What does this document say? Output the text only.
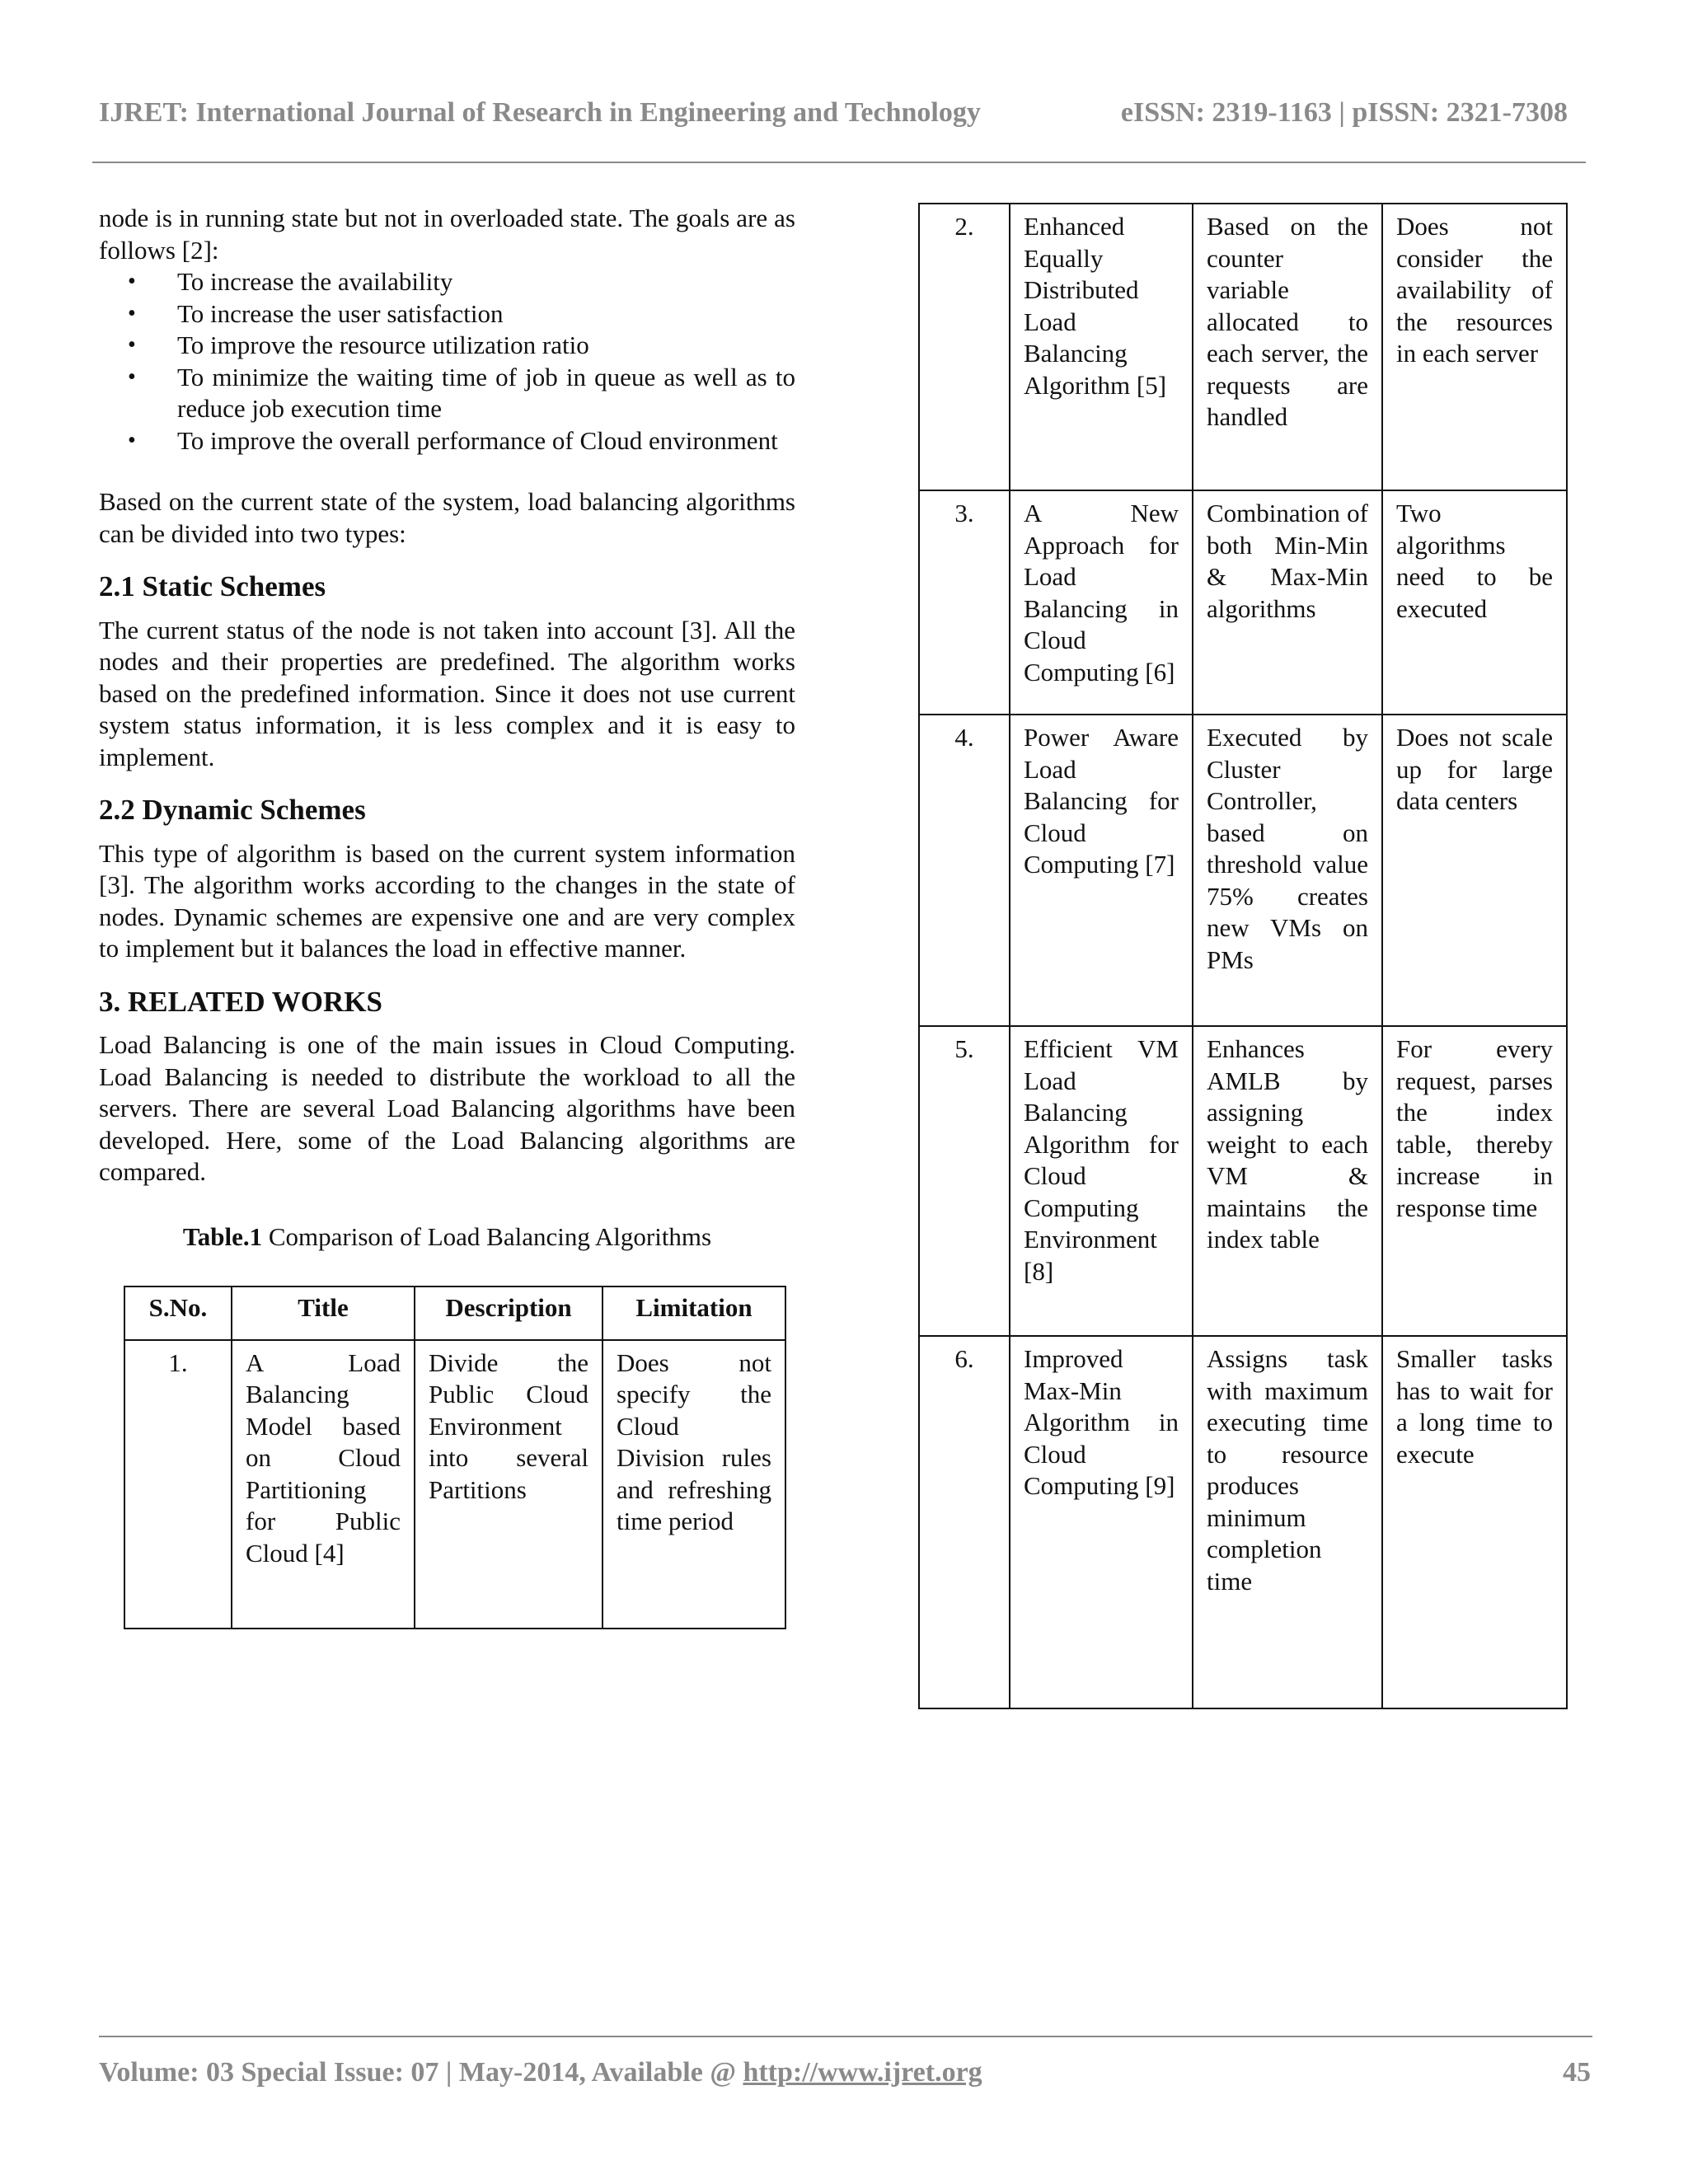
IJRET: International Journal of Research in Engineering and Technology	eISSN: 2319-1163 | pISSN: 2321-7308

node is in running state but not in overloaded state. The goals are as follows [2]:

• To increase the availability
• To increase the user satisfaction
• To improve the resource utilization ratio
• To minimize the waiting time of job in queue as well as to reduce job execution time
• To improve the overall performance of Cloud environment

Based on the current state of the system, load balancing algorithms can be divided into two types:

2.1 Static Schemes

The current status of the node is not taken into account [3]. All the nodes and their properties are predefined. The algorithm works based on the predefined information. Since it does not use current system status information, it is less complex and it is easy to implement.

2.2 Dynamic Schemes

This type of algorithm is based on the current system information [3]. The algorithm works according to the changes in the state of nodes. Dynamic schemes are expensive one and are very complex to implement but it balances the load in effective manner.

3. RELATED WORKS

Load Balancing is one of the main issues in Cloud Computing. Load Balancing is needed to distribute the workload to all the servers. There are several Load Balancing algorithms have been developed. Here, some of the Load Balancing algorithms are compared.

Table.1 Comparison of Load Balancing Algorithms
S.No.	Title	Description	Limitation
1.	A Load Balancing Model based on Cloud Partitioning for Public Cloud [4]	Divide the Public Cloud Environment into several Partitions	Does not specify the Cloud Division rules and refreshing time period
2.	Enhanced Equally Distributed Load Balancing Algorithm [5]	Based on the counter variable allocated to each server, the requests are handled	Does not consider the availability of the resources in each server
3.	A New Approach for Load Balancing in Cloud Computing [6]	Combination of both Min-Min & Max-Min algorithms	Two algorithms need to be executed
4.	Power Aware Load Balancing for Cloud Computing [7]	Executed by Cluster Controller, based on threshold value 75% creates new VMs on PMs	Does not scale up for large data centers
5.	Efficient VM Load Balancing Algorithm for Cloud Computing Environment [8]	Enhances AMLB by assigning weight to each VM & maintains the index table	For every request, parses the index table, thereby increase in response time
6.	Improved Max-Min Algorithm in Cloud Computing [9]	Assigns task with maximum executing time to resource produces minimum completion time	Smaller tasks has to wait for a long time to execute
Volume: 03 Special Issue: 07 | May-2014, Available @ http://www.ijret.org	45
